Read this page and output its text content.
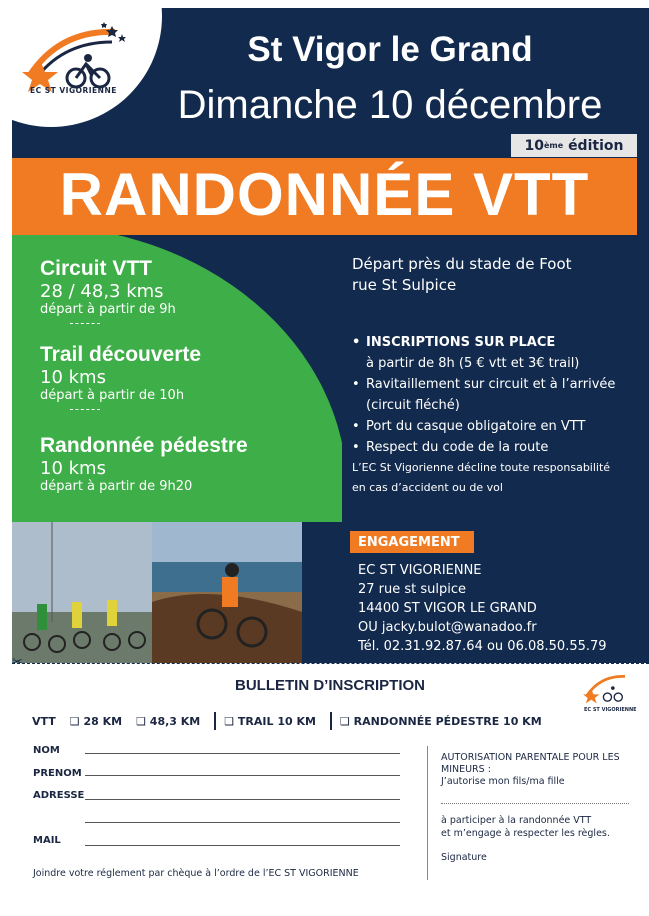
EC ST VIGORIENNE
St Vigor le Grand
Dimanche 10 décembre
10 ème
édition
RANDONNÉE VTT
Circuit VTT
28 / 48,3 kms
départ à partir de 9h
Trail découverte
10 kms
départ à partir de 10h
Randonnée pédestre
10 kms
départ à partir de 9h20
Départ près du stade de Foot
rue St Sulpice
• INSCRIPTIONS SUR PLACE
à partir de 8h (5 € vtt et 3€ trail)
• Ravitaillement sur circuit et à l’arrivée
(circuit fléché)
• Port du casque obligatoire en VTT
• Respect du code de la route
L’EC St Vigorienne décline toute responsabilité
en cas d’accident ou de vol
ENGAGEMENT
EC ST VIGORIENNE
27 rue st sulpice
14400 ST VIGOR LE GRAND
OU jacky.bulot@wanadoo.fr
Tél. 02.31.92.87.64 ou 06.08.50.55.79
✂
BULLETIN D’INSCRIPTION
EC ST VIGORIENNE
VTT ❑ 28 KM ❑ 48,3 KM ❑ TRAIL 10 KM ❑ RANDONNÉE PÉDESTRE 10 KM
NOM
PRENOM
ADRESSE
MAIL
AUTORISATION PARENTALE POUR LES
MINEURS :
J’autorise mon fils/ma fille
à participer à la randonnée VTT
et m’engage à respecter les règles.
Signature
Joindre votre réglement par chèque à l’ordre de l’EC ST VIGORIENNE
